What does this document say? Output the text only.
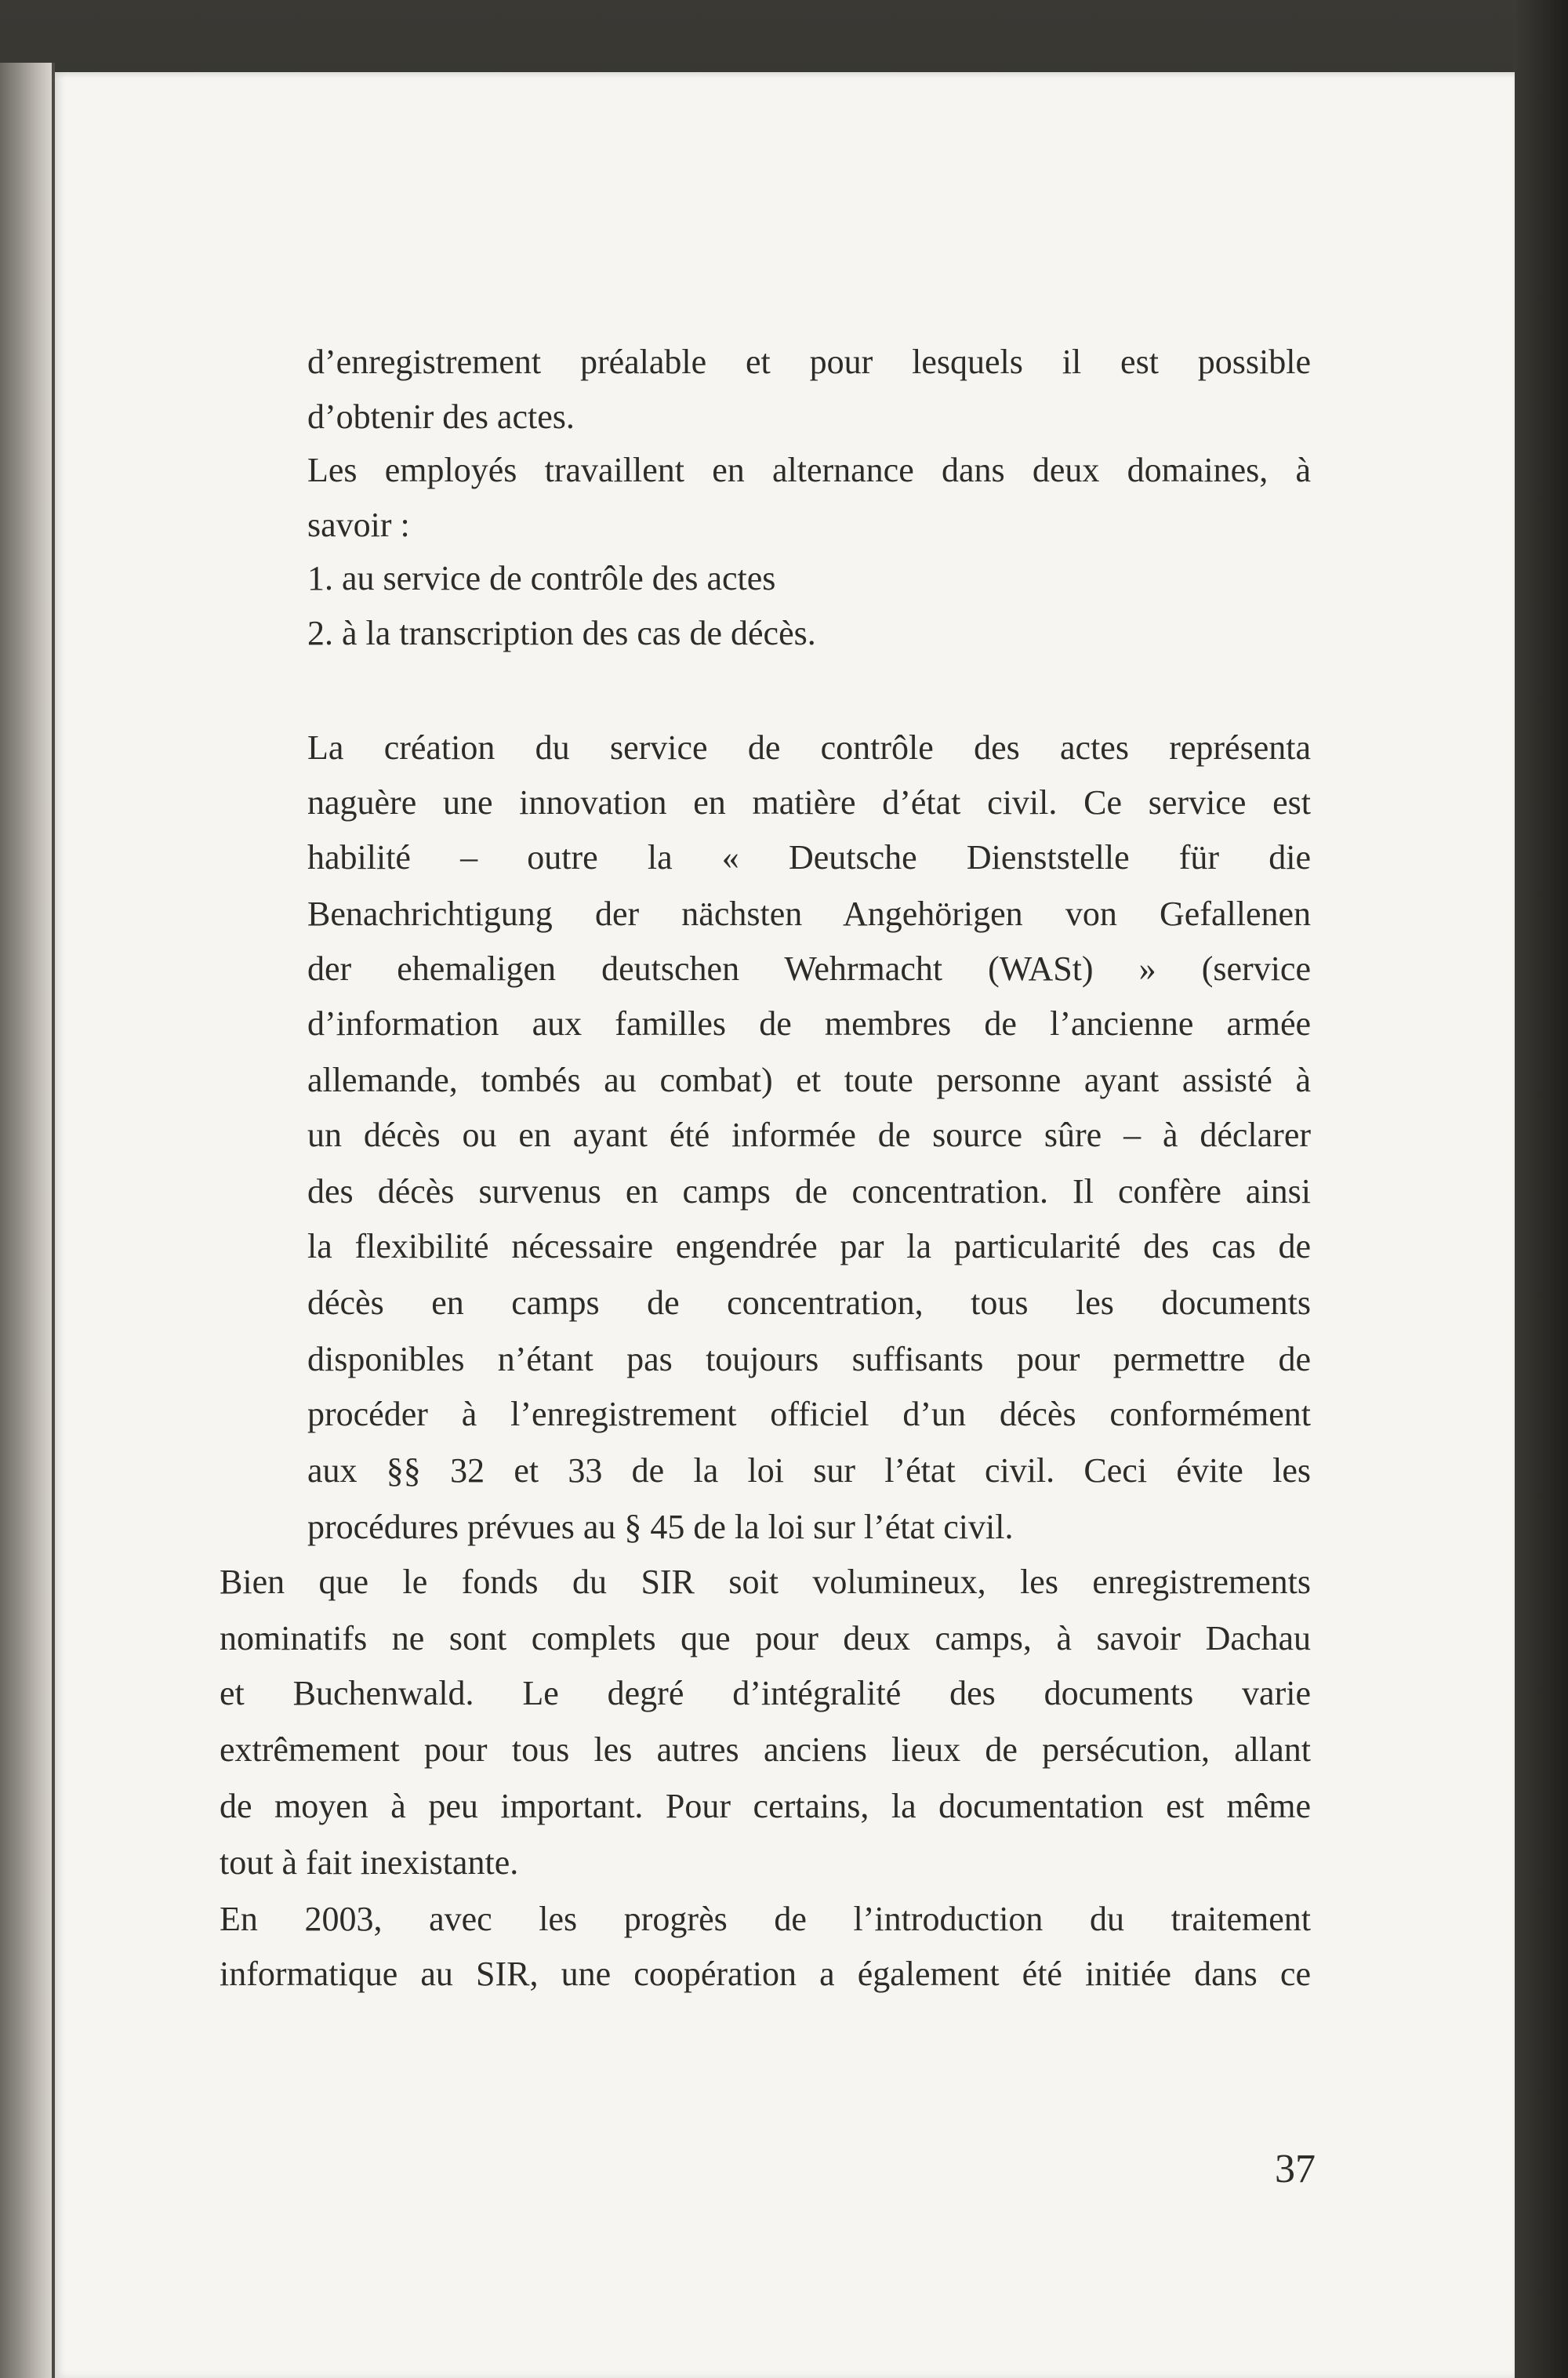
d’enregistrement préalable et pour lesquels il est possible

d’obtenir des actes.

Les employés travaillent en alternance dans deux domaines, à

savoir :

1. au service de contrôle des actes

2. à la transcription des cas de décès.

La création du service de contrôle des actes représenta

naguère une innovation en matière d’état civil. Ce service est

habilité – outre la « Deutsche Dienststelle für die

Benachrichtigung der nächsten Angehörigen von Gefallenen

der ehemaligen deutschen Wehrmacht (WASt) » (service

d’information aux familles de membres de l’ancienne armée

allemande, tombés au combat) et toute personne ayant assisté à

un décès ou en ayant été informée de source sûre – à déclarer

des décès survenus en camps de concentration. Il confère ainsi

la flexibilité nécessaire engendrée par la particularité des cas de

décès en camps de concentration, tous les documents

disponibles n’étant pas toujours suffisants pour permettre de

procéder à l’enregistrement officiel d’un décès conformément

aux §§ 32 et 33 de la loi sur l’état civil. Ceci évite les

procédures prévues au § 45 de la loi sur l’état civil.

Bien que le fonds du SIR soit volumineux, les enregistrements

nominatifs ne sont complets que pour deux camps, à savoir Dachau

et Buchenwald. Le degré d’intégralité des documents varie

extrêmement pour tous les autres anciens lieux de persécution, allant

de moyen à peu important. Pour certains, la documentation est même

tout à fait inexistante.

En 2003, avec les progrès de l’introduction du traitement

informatique au SIR, une coopération a également été initiée dans ce

37
